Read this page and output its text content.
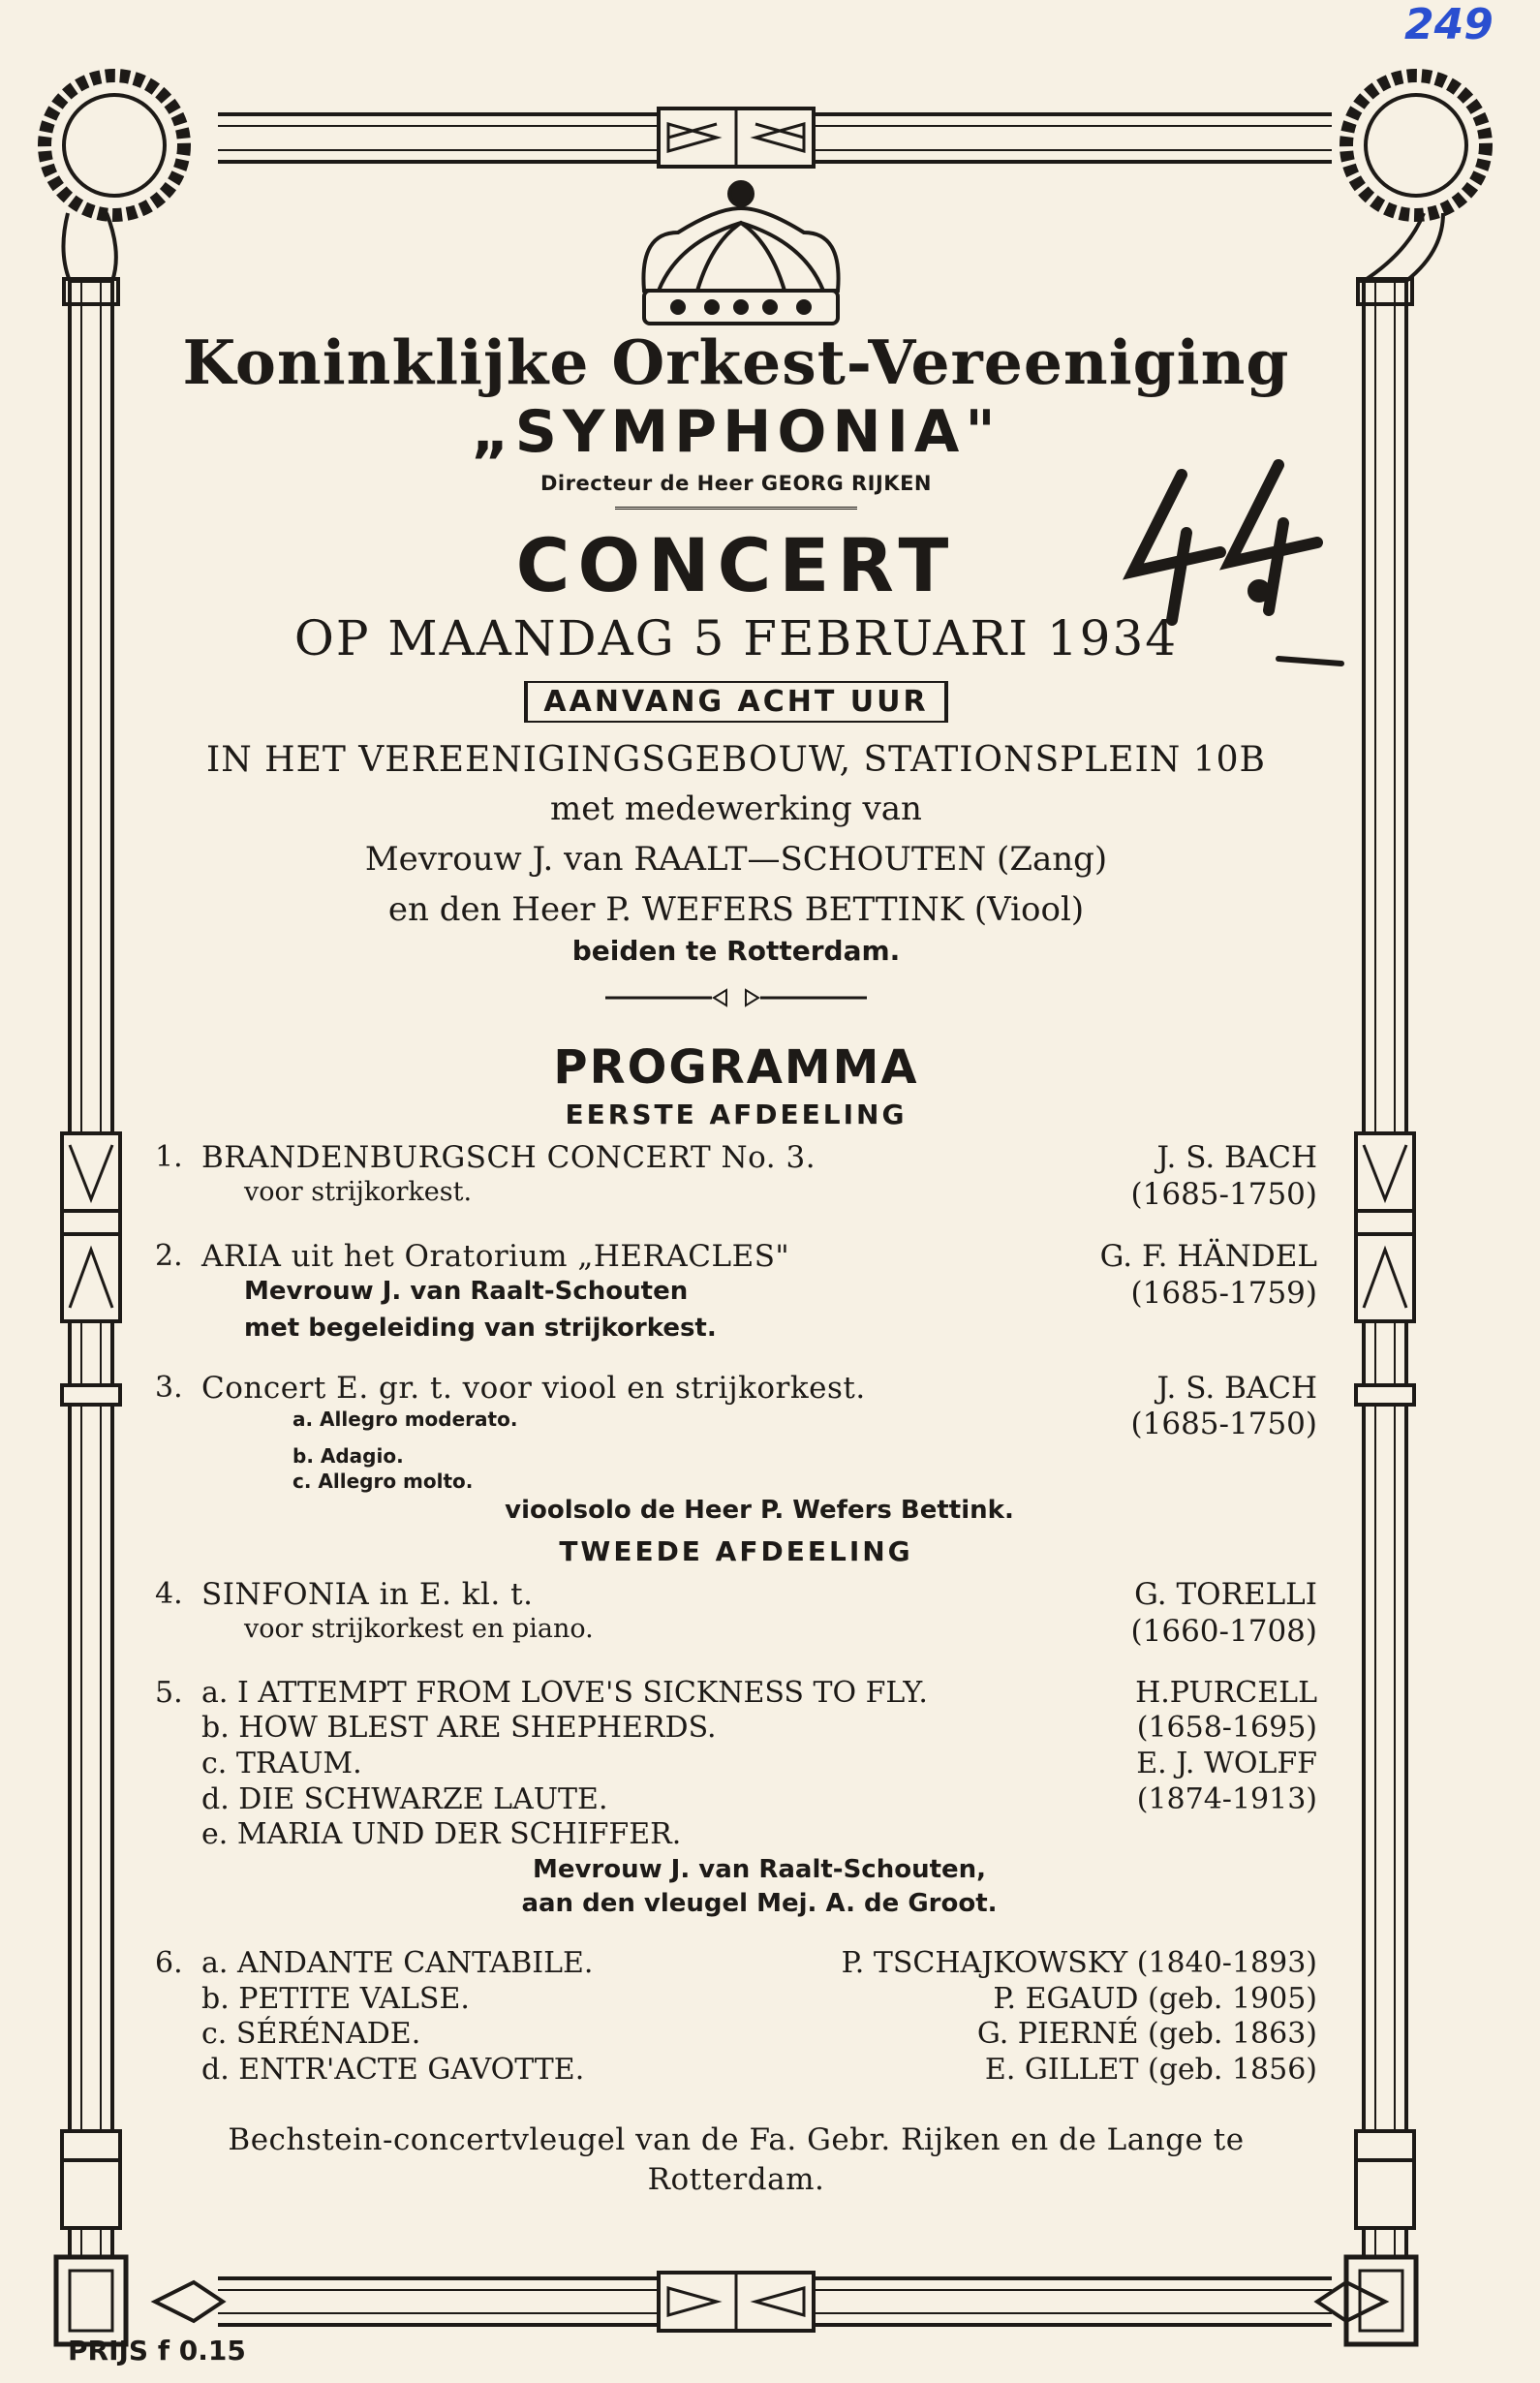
249
Koninklijke Orkest-Vereeniging
„SYMPHONIA"
Directeur de Heer GEORG RIJKEN
CONCERT
OP MAANDAG 5 FEBRUARI 1934
AANVANG ACHT UUR
IN HET VEREENIGINGSGEBOUW, STATIONSPLEIN 10B
met medewerking van
Mevrouw J. van RAALT—SCHOUTEN (Zang)
en den Heer P. WEFERS BETTINK (Viool)
beiden te Rotterdam.
PROGRAMMA
EERSTE AFDEELING
1. BRANDENBURGSCH CONCERT No. 3.	J. S. BACH
voor strijkorkest.	(1685-1750)
2. ARIA uit het Oratorium „HERACLES"	G. F. HÄNDEL
Mevrouw J. van Raalt-Schouten	(1685-1759)
met begeleiding van strijkorkest.
3. Concert E. gr. t. voor viool en strijkorkest.	J. S. BACH
a. Allegro moderato.	(1685-1750)
b. Adagio.
c. Allegro molto.
vioolsolo de Heer P. Wefers Bettink.
TWEEDE AFDEELING
4. SINFONIA in E. kl. t.	G. TORELLI
voor strijkorkest en piano.	(1660-1708)
5. a. I ATTEMPT FROM LOVE'S SICKNESS TO FLY.	H.PURCELL
b. HOW BLEST ARE SHEPHERDS.	(1658-1695)
c. TRAUM.	E. J. WOLFF
d. DIE SCHWARZE LAUTE.	(1874-1913)
e. MARIA UND DER SCHIFFER.
Mevrouw J. van Raalt-Schouten,
aan den vleugel Mej. A. de Groot.
6. a. ANDANTE CANTABILE.	P. TSCHAJKOWSKY (1840-1893)
b. PETITE VALSE.	P. EGAUD (geb. 1905)
c. SÉRÉNADE.	G. PIERNÉ (geb. 1863)
d. ENTR'ACTE GAVOTTE.	E. GILLET (geb. 1856)
Bechstein-concertvleugel van de Fa. Gebr. Rijken en de Lange te
Rotterdam.
PRIJS f 0.15
